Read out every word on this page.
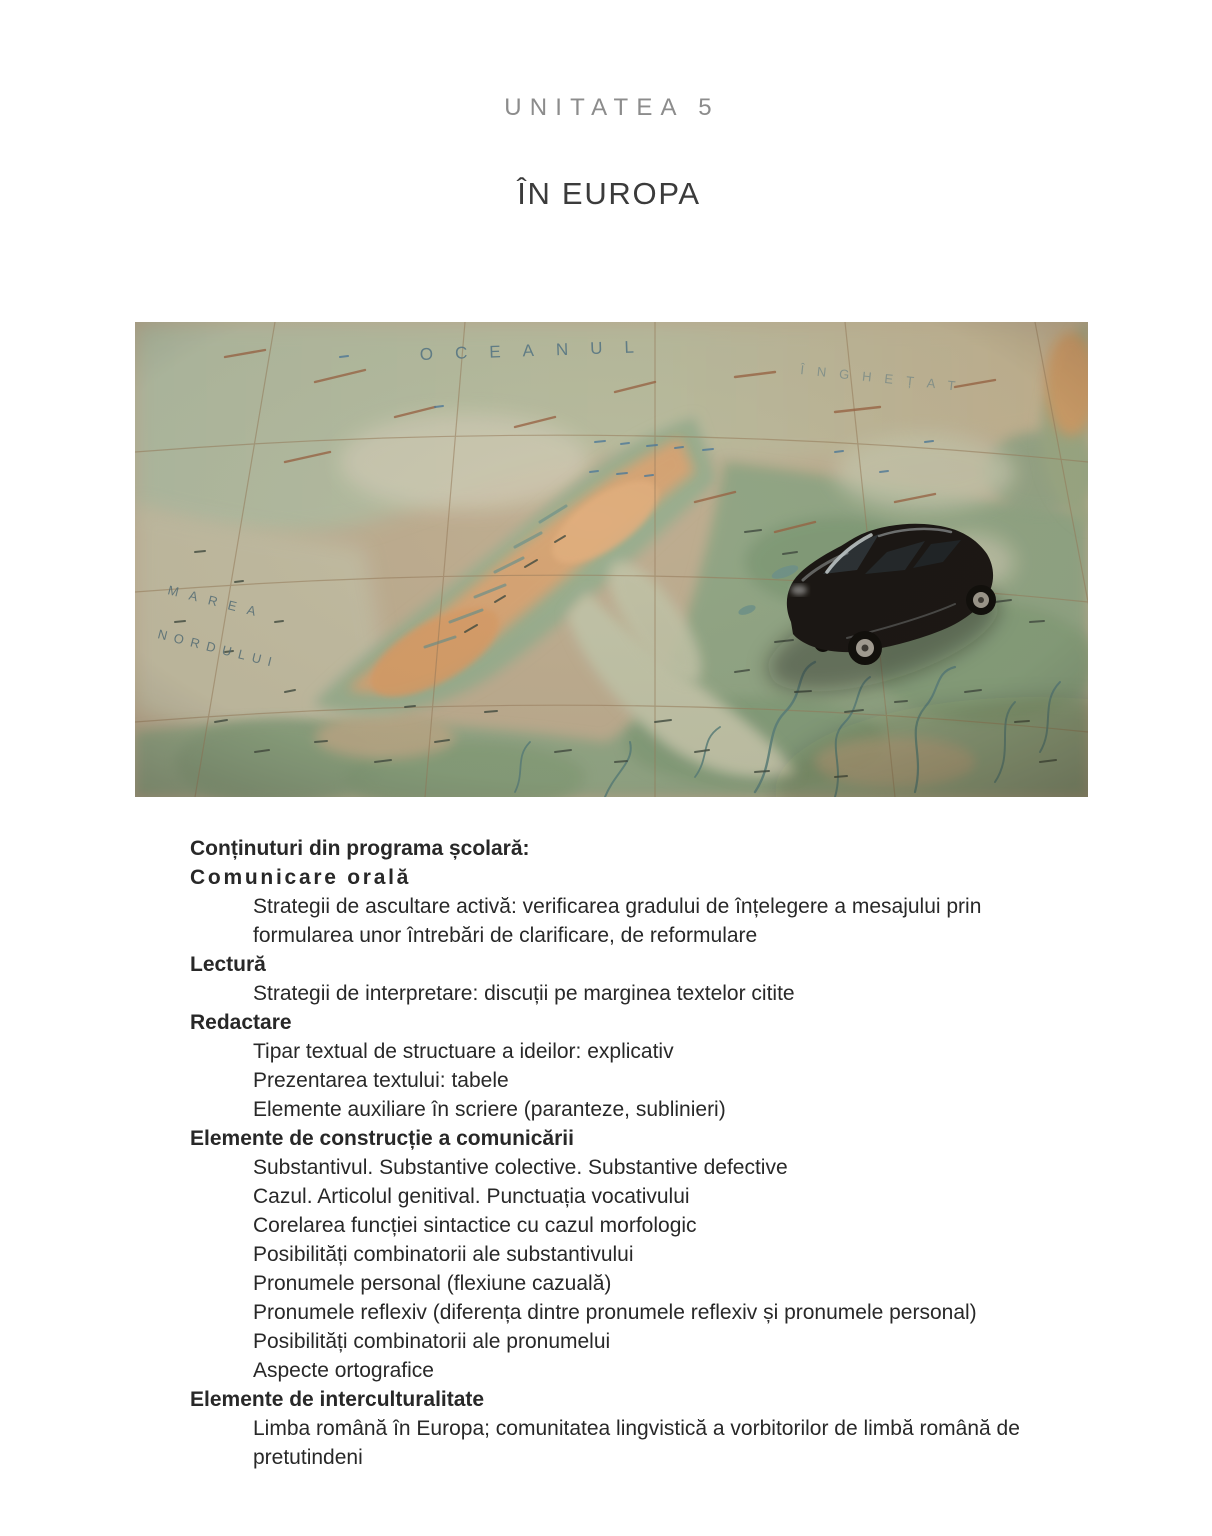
UNITATEA 5
ÎN EUROPA
Conținuturi din programa școlară:
Comunicare orală
Strategii de ascultare activă: verificarea gradului de înțelegere a mesajului prin
formularea unor întrebări de clarificare, de reformulare
Lectură
Strategii de interpretare: discuții pe marginea textelor citite
Redactare
Tipar textual de structuare a ideilor: explicativ
Prezentarea textului: tabele
Elemente auxiliare în scriere (paranteze, sublinieri)
Elemente de construcție a comunicării
Substantivul. Substantive colective. Substantive defective
Cazul. Articolul genitival. Punctuația vocativului
Corelarea funcției sintactice cu cazul morfologic
Posibilități combinatorii ale substantivului
Pronumele personal (flexiune cazuală)
Pronumele reflexiv (diferența dintre pronumele reflexiv și pronumele personal)
Posibilități combinatorii ale pronumelui
Aspecte ortografice
Elemente de interculturalitate
Limba română în Europa; comunitatea lingvistică a vorbitorilor de limbă română de
pretutindeni
